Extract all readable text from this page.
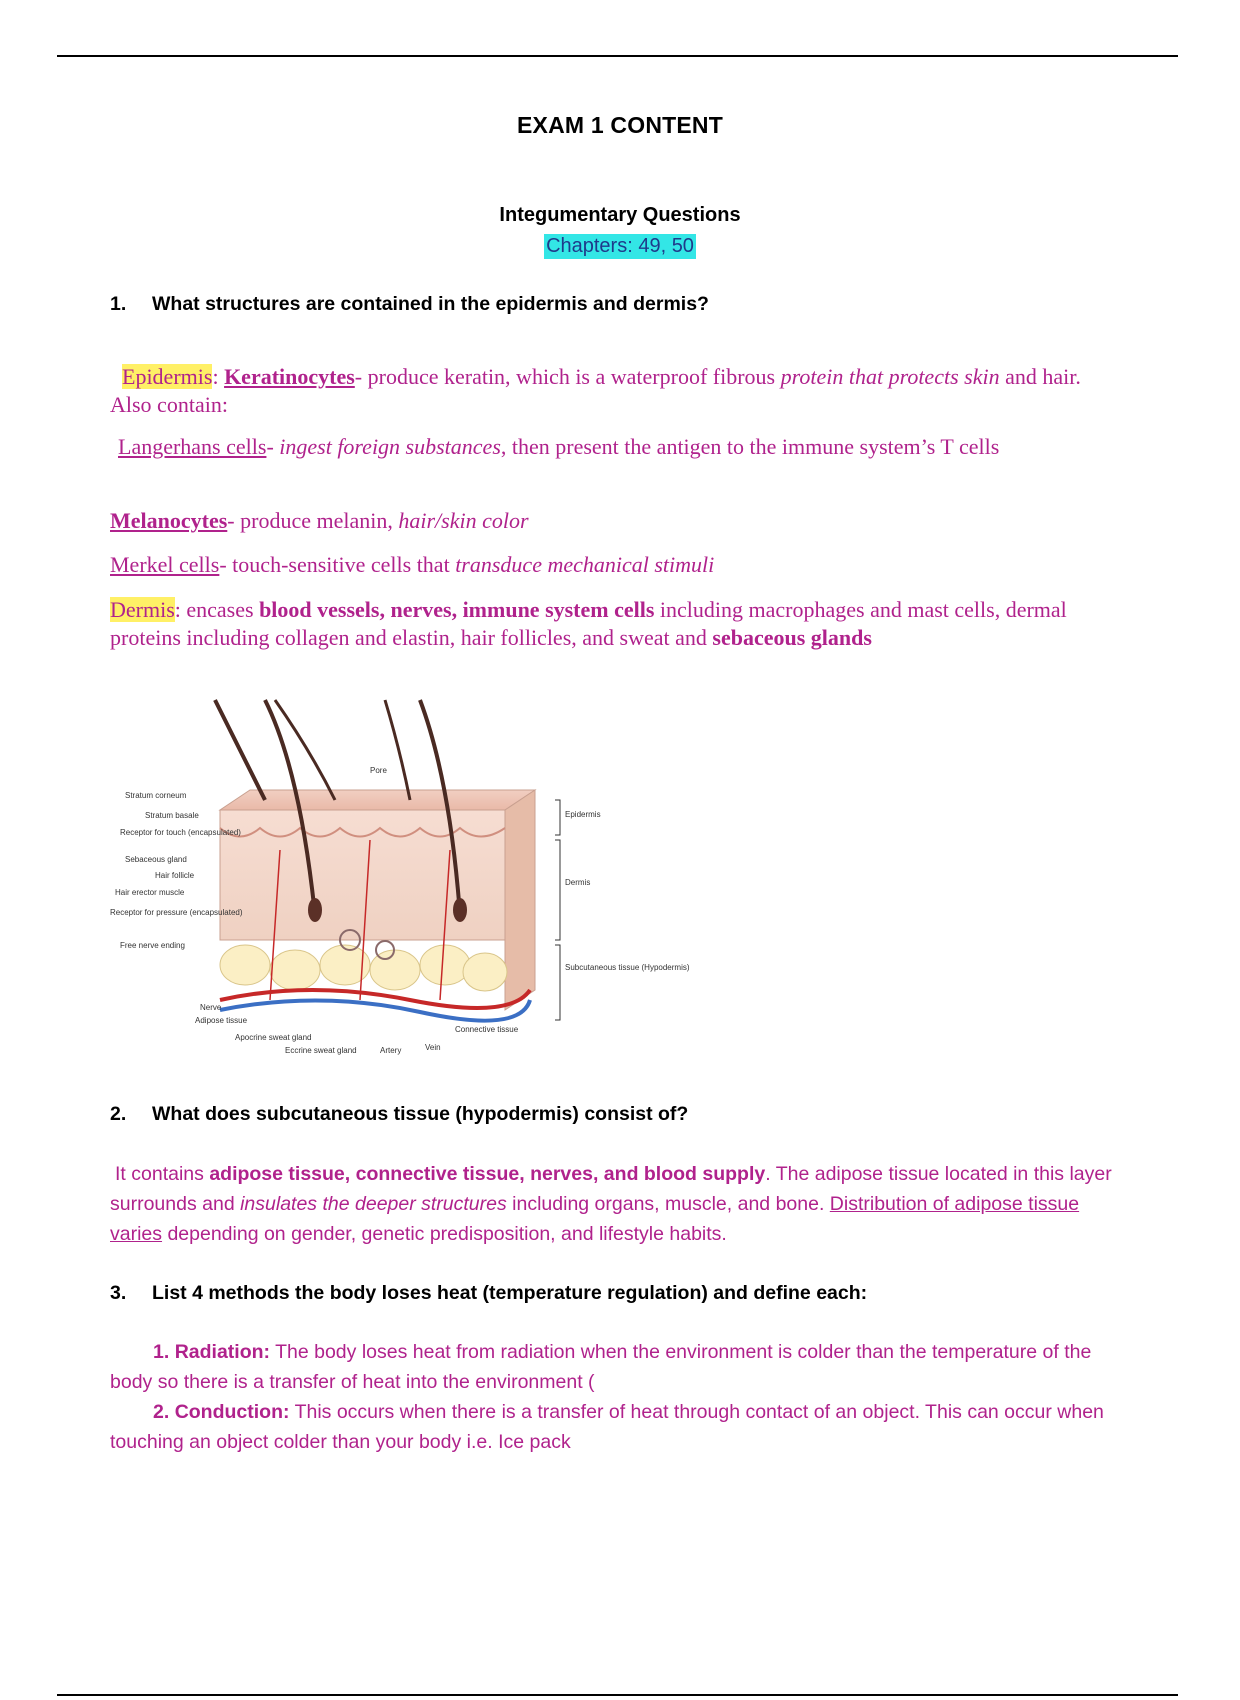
EXAM 1 CONTENT
Integumentary Questions
Chapters: 49, 50
1. What structures are contained in the epidermis and dermis?
Epidermis: Keratinocytes- produce keratin, which is a waterproof fibrous protein that protects skin and hair. Also contain:
Langerhans cells- ingest foreign substances, then present the antigen to the immune system’s T cells
Melanocytes- produce melanin, hair/skin color
Merkel cells- touch-sensitive cells that transduce mechanical stimuli
Dermis: encases blood vessels, nerves, immune system cells including macrophages and mast cells, dermal proteins including collagen and elastin, hair follicles, and sweat and sebaceous glands
Pore
Stratum corneum
Stratum basale
Receptor for touch (encapsulated)
Sebaceous gland
Hair follicle
Hair erector muscle
Receptor for pressure (encapsulated)
Free nerve ending
Epidermis
Dermis
Subcutaneous tissue (Hypodermis)
Nerve
Adipose tissue
Apocrine sweat gland
Eccrine sweat gland	Artery	Vein
Connective tissue
2. What does subcutaneous tissue (hypodermis) consist of?
It contains adipose tissue, connective tissue, nerves, and blood supply. The adipose tissue located in this layer surrounds and insulates the deeper structures including organs, muscle, and bone. Distribution of adipose tissue varies depending on gender, genetic predisposition, and lifestyle habits.
3. List 4 methods the body loses heat (temperature regulation) and define each:
1. Radiation: The body loses heat from radiation when the environment is colder than the temperature of the body so there is a transfer of heat into the environment (
2. Conduction: This occurs when there is a transfer of heat through contact of an object. This can occur when touching an object colder than your body i.e. Ice pack
